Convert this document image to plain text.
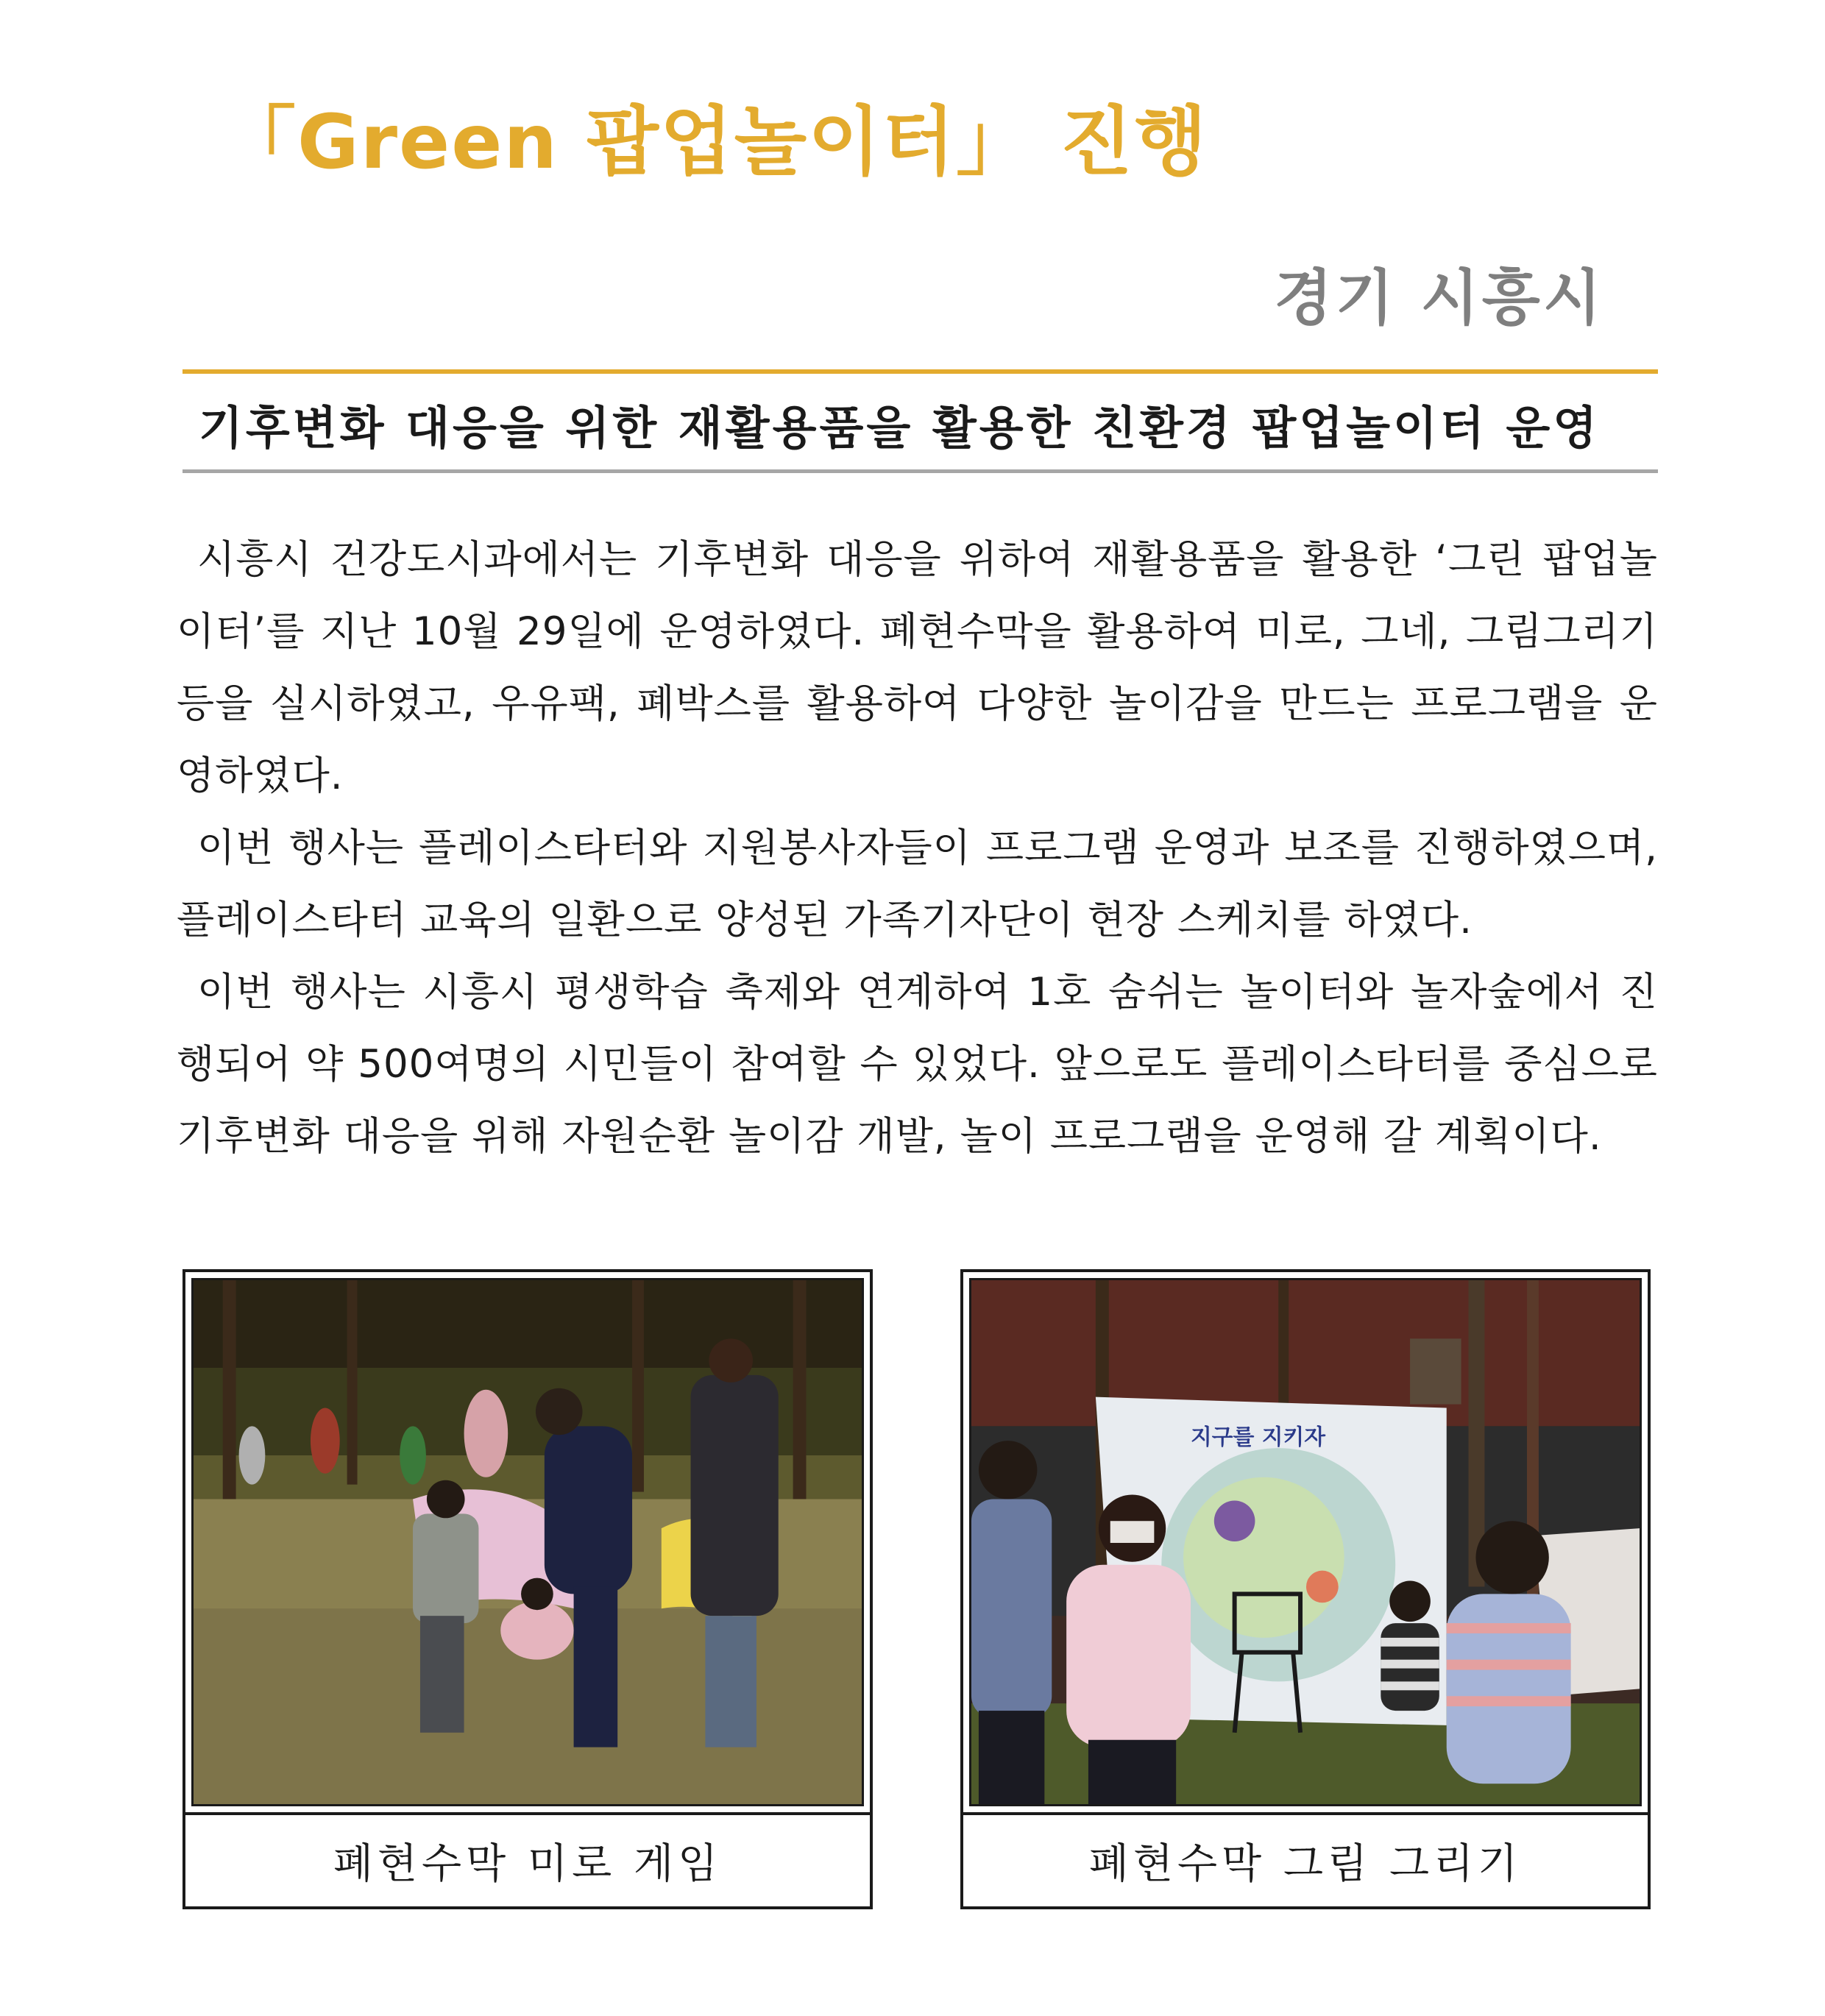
「Green 팝업놀이터」 진행
경기 시흥시
기후변화 대응을 위한 재활용품을 활용한 친환경 팝업놀이터 운영

시흥시 건강도시과에서는 기후변화 대응을 위하여 재활용품을 활용한 ‘그린 팝업놀이터’를 지난 10월 29일에 운영하였다. 폐현수막을 활용하여 미로, 그네, 그림그리기 등을 실시하였고, 우유팩, 폐박스를 활용하여 다양한 놀이감을 만드는 프로그램을 운영하였다.

이번 행사는 플레이스타터와 지원봉사자들이 프로그램 운영과 보조를 진행하였으며, 플레이스타터 교육의 일환으로 양성된 가족기자단이 현장 스케치를 하였다.

이번 행사는 시흥시 평생학습 축제와 연계하여 1호 숨쉬는 놀이터와 놀자숲에서 진행되어 약 500여명의 시민들이 참여할 수 있었다. 앞으로도 플레이스타터를 중심으로 기후변화 대응을 위해 자원순환 놀이감 개발, 놀이 프로그램을 운영해 갈 계획이다.

폐현수막 미로 게임
지구를 지키자
폐현수막 그림 그리기
